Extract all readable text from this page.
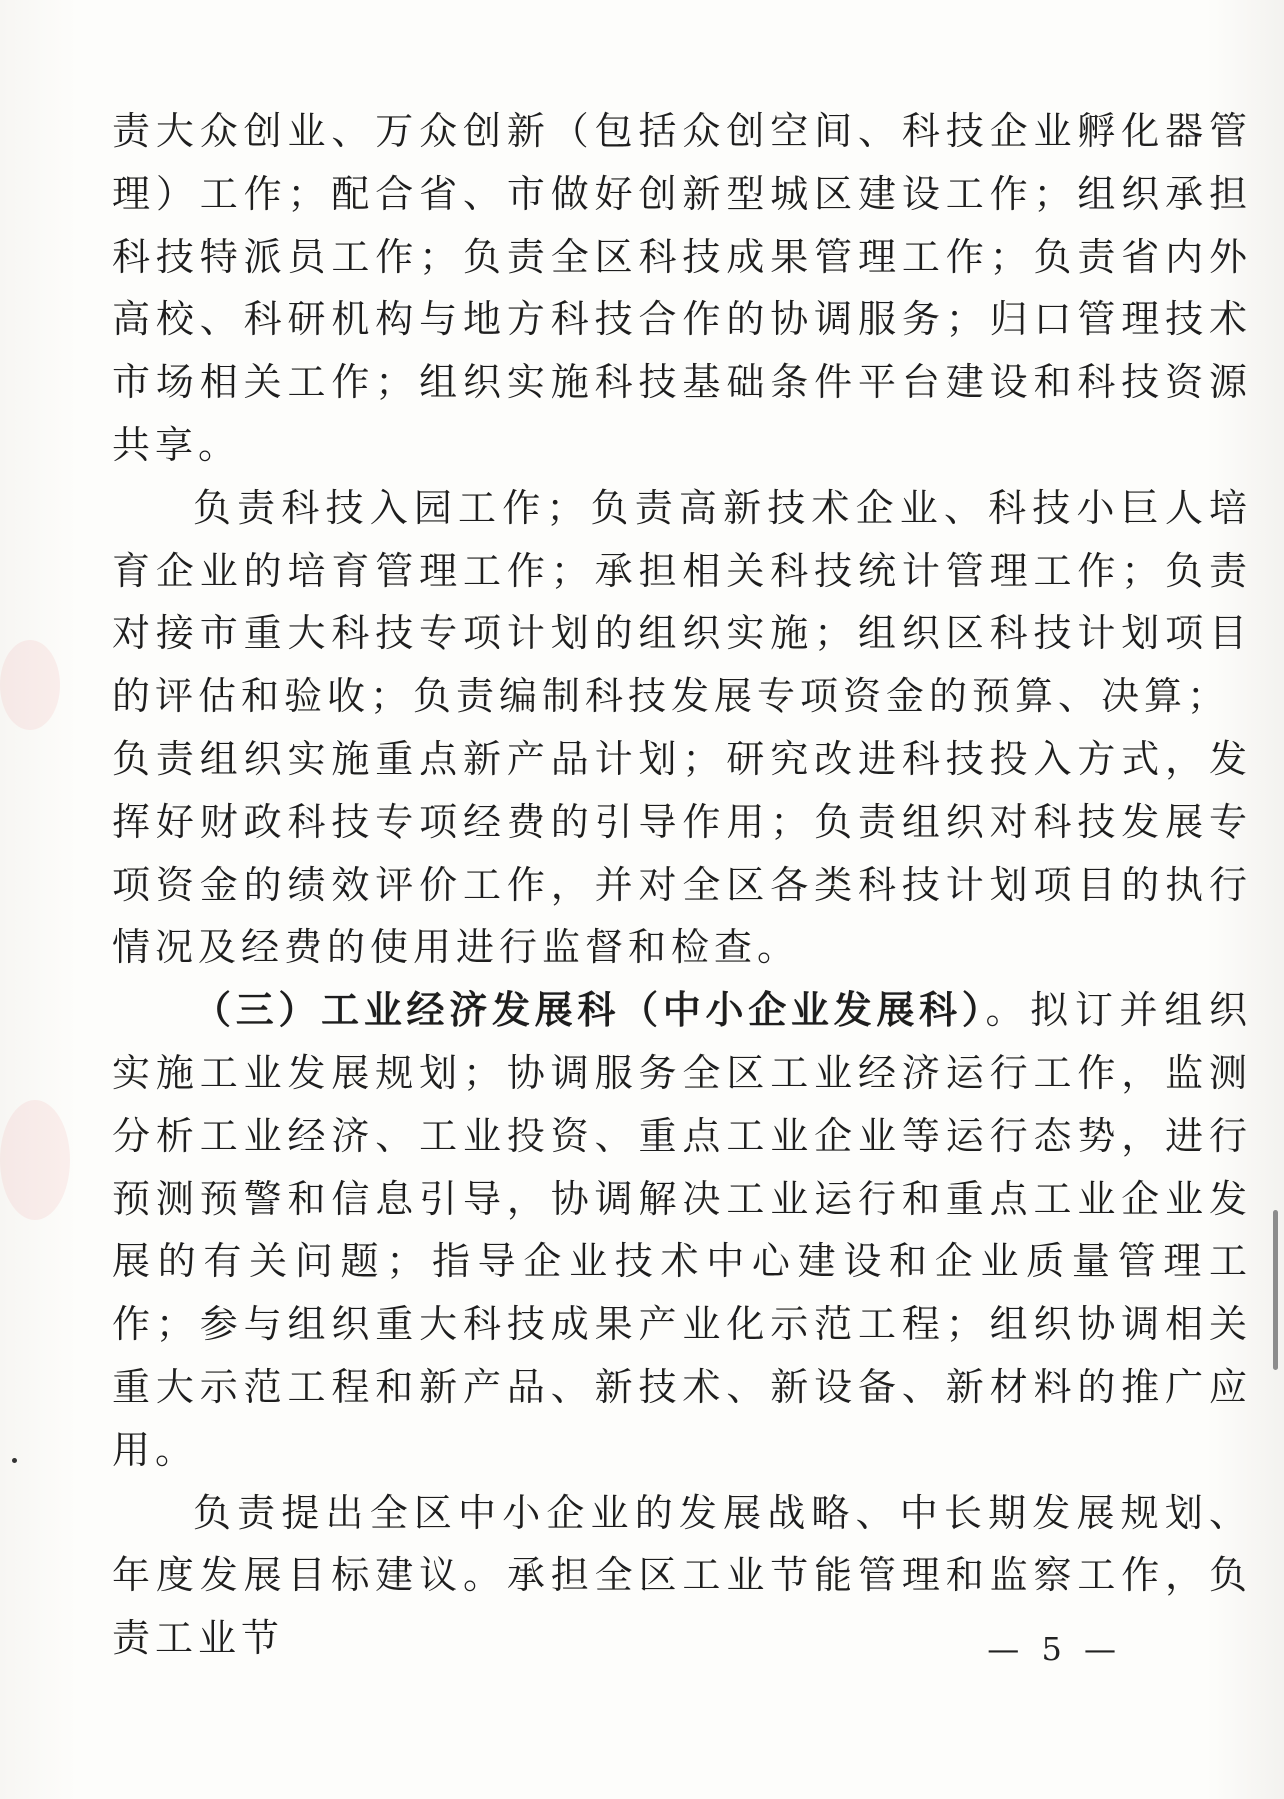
责大众创业、万众创新（包括众创空间、科技企业孵化器管理）工作；配合省、市做好创新型城区建设工作；组织承担科技特派员工作；负责全区科技成果管理工作；负责省内外高校、科研机构与地方科技合作的协调服务；归口管理技术市场相关工作；组织实施科技基础条件平台建设和科技资源共享。

负责科技入园工作；负责高新技术企业、科技小巨人培育企业的培育管理工作；承担相关科技统计管理工作；负责对接市重大科技专项计划的组织实施；组织区科技计划项目的评估和验收；负责编制科技发展专项资金的预算、决算；

负责组织实施重点新产品计划；研究改进科技投入方式，发挥好财政科技专项经费的引导作用；负责组织对科技发展专项资金的绩效评价工作，并对全区各类科技计划项目的执行情况及经费的使用进行监督和检查。

（三）工业经济发展科（中小企业发展科）。拟订并组织实施工业发展规划；协调服务全区工业经济运行工作，监测分析工业经济、工业投资、重点工业企业等运行态势，进行预测预警和信息引导，协调解决工业运行和重点工业企业发展的有关问题；指导企业技术中心建设和企业质量管理工作；参与组织重大科技成果产业化示范工程；组织协调相关重大示范工程和新产品、新技术、新设备、新材料的推广应用。

负责提出全区中小企业的发展战略、中长期发展规划、年度发展目标建议。承担全区工业节能管理和监察工作，负责工业节	— 5 —
